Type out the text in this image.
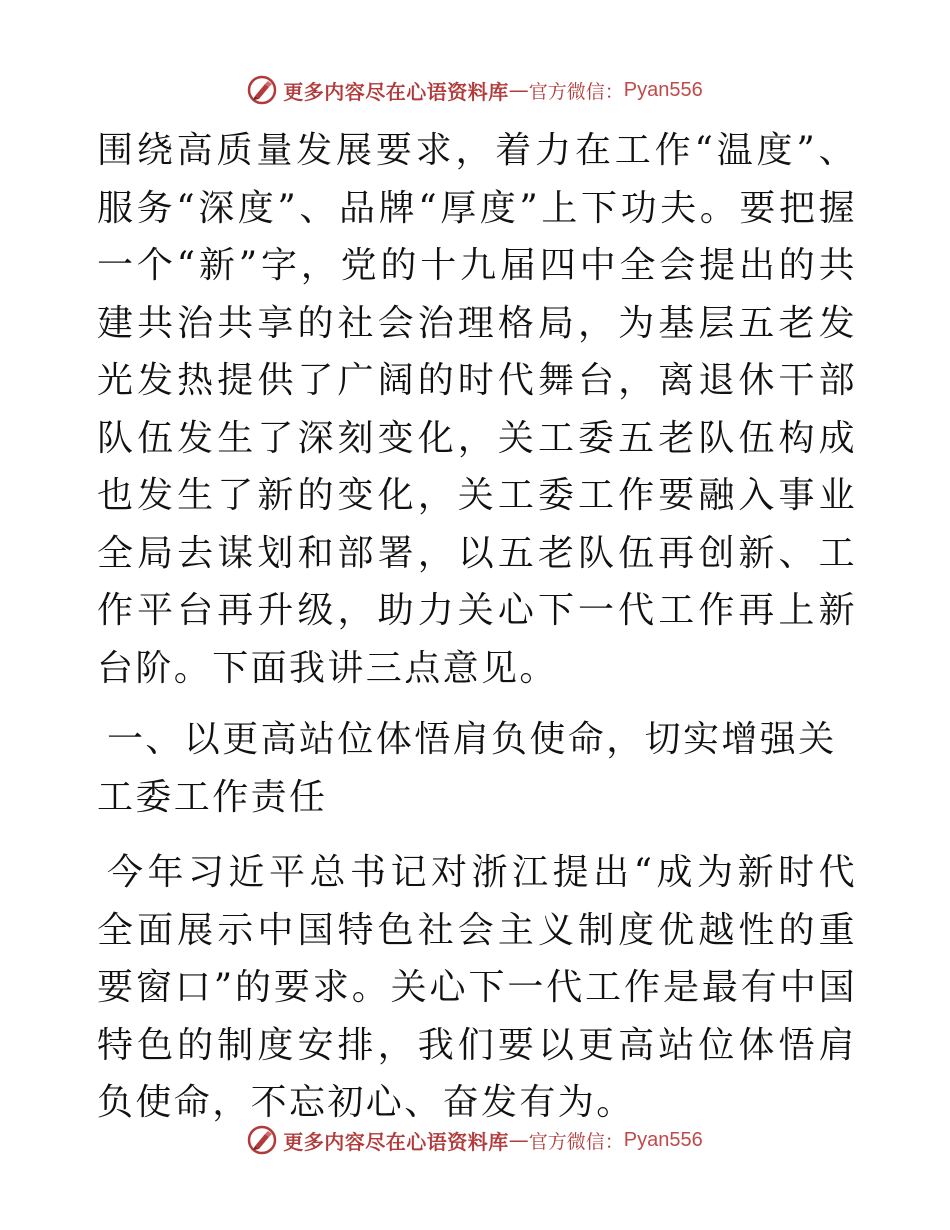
更多内容尽在心语资料库 — 官方微信： Pyan556

围绕高质量发展要求，着力在工作“温度”、服务“深度”、品牌“厚度”上下功夫。要把握一个“新”字，党的十九届四中全会提出的共建共治共享的社会治理格局，为基层五老发光发热提供了广阔的时代舞台，离退休干部队伍发生了深刻变化，关工委五老队伍构成也发生了新的变化，关工委工作要融入事业全局去谋划和部署，以五老队伍再创新、工作平台再升级，助力关心下一代工作再上新台阶。下面我讲三点意见。

一、以更高站位体悟肩负使命，切实增强关工委工作责任

今年习近平总书记对浙江提出“成为新时代全面展示中国特色社会主义制度优越性的重要窗口”的要求。关心下一代工作是最有中国特色的制度安排，我们要以更高站位体悟肩负使命，不忘初心、奋发有为。

更多内容尽在心语资料库 — 官方微信： Pyan556
